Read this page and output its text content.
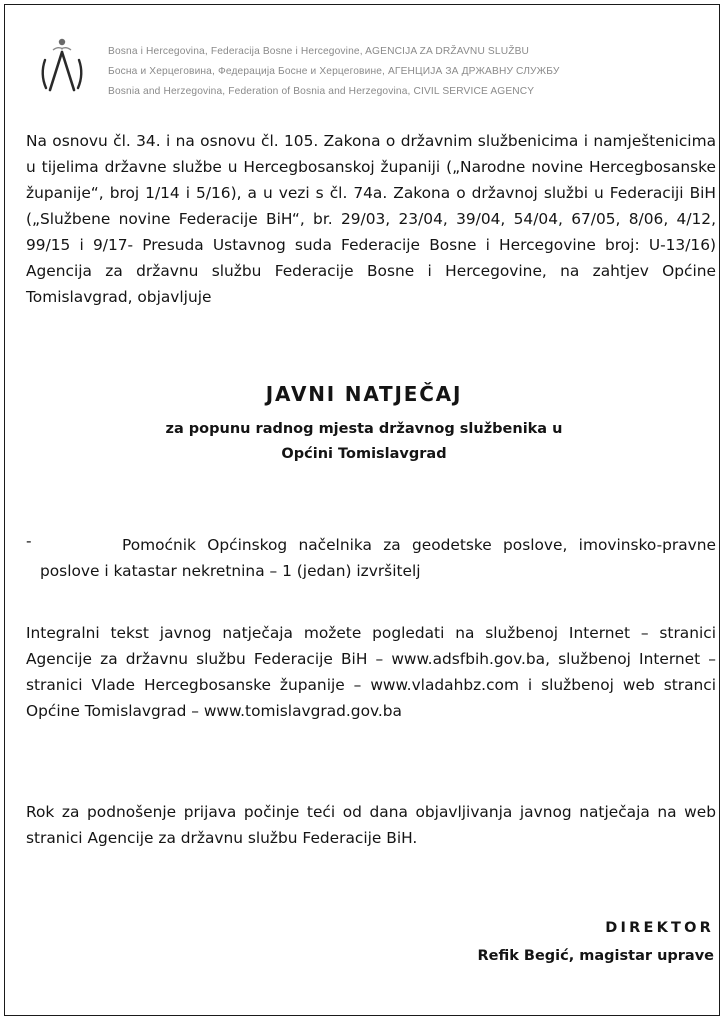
Bosna i Hercegovina, Federacija Bosne i Hercegovine, AGENCIJA ZA DRŽAVNU SLUŽBU
Босна и Херцеговина, Федерација Босне и Херцеговине, АГЕНЦИЈА ЗА ДРЖАВНУ СЛУЖБУ
Bosnia and Herzegovina, Federation of Bosnia and Herzegovina, CIVIL SERVICE AGENCY

Na osnovu čl. 34. i na osnovu čl. 105. Zakona o državnim službenicima i namještenicima u tijelima državne službe u Hercegbosanskoj županiji („Narodne novine Hercegbosanske županije“, broj 1/14 i 5/16), a u vezi s čl. 74a. Zakona o državnoj službi u Federaciji BiH („Službene novine Federacije BiH“, br. 29/03, 23/04, 39/04, 54/04, 67/05, 8/06, 4/12, 99/15 i 9/17- Presuda Ustavnog suda Federacije Bosne i Hercegovine broj: U-13/16) Agencija za državnu službu Federacije Bosne i Hercegovine, na zahtjev Općine Tomislavgrad, objavljuje

JAVNI NATJEČAJ
za popunu radnog mjesta državnog službenika u
Općini Tomislavgrad
-	Pomoćnik Općinskog načelnika za geodetske poslove, imovinsko-pravne poslove i katastar nekretnina – 1 (jedan) izvršitelj

Integralni tekst javnog natječaja možete pogledati na službenoj Internet – stranici Agencije za državnu službu Federacije BiH – www.adsfbih.gov.ba, službenoj Internet – stranici Vlade Hercegbosanske županije – www.vladahbz.com i službenoj web stranci Općine Tomislavgrad – www.tomislavgrad.gov.ba

Rok za podnošenje prijava počinje teći od dana objavljivanja javnog natječaja na web stranici Agencije za državnu službu Federacije BiH.

DIREKTOR
Refik Begić, magistar uprave
